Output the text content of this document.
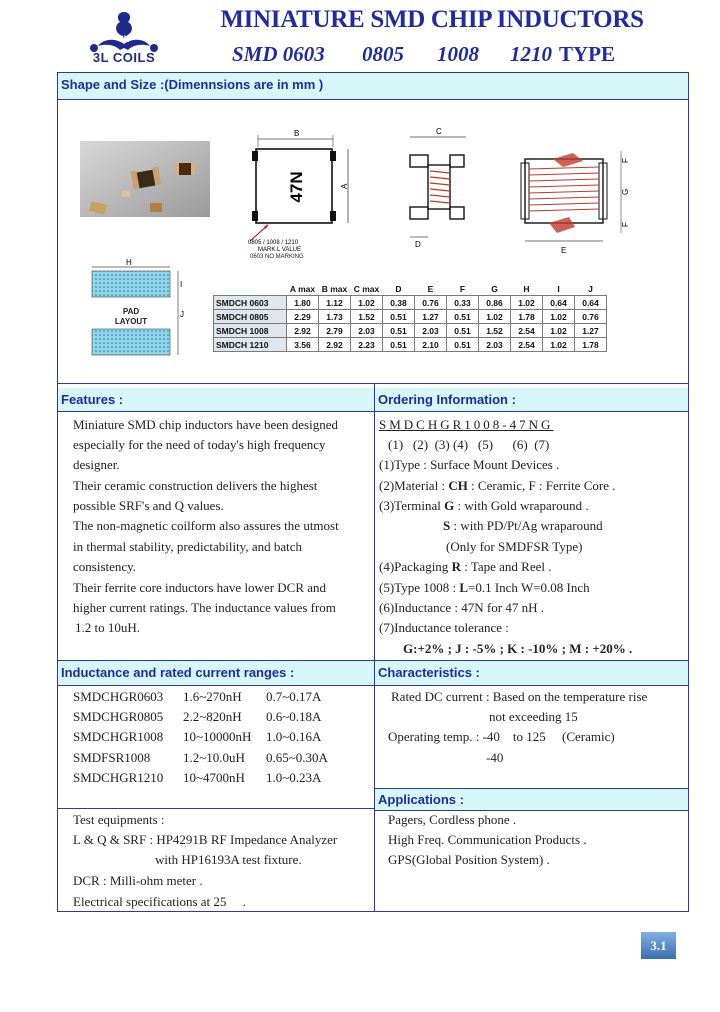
3L
3L COILS
MINIATURE SMD CHIP INDUCTORS
SMD 0603 0805 1008 1210 TYPE
Shape and Size :(Dimennsions are in mm )
B
47N	A
0805 / 1008 / 1210
MARK L VALUE
0603 NO MARKING
C
D
F
G
F
E
H
I
J
PAD
LAYOUT
	A max	B max	C max	D	E	F	G	H	I	J
SMDCH 0603	1.80	1.12	1.02	0.38	0.76	0.33	0.86	1.02	0.64	0.64
SMDCH 0805	2.29	1.73	1.52	0.51	1.27	0.51	1.02	1.78	1.02	0.76
SMDCH 1008	2.92	2.79	2.03	0.51	2.03	0.51	1.52	2.54	1.02	1.27
SMDCH 1210	3.56	2.92	2.23	0.51	2.10	0.51	2.03	2.54	1.02	1.78
Features :
Miniature SMD chip inductors have been designed
especially for the need of today's high frequency
designer.
Their ceramic construction delivers the highest
possible SRF's and Q values.
The non-magnetic coilform also assures the utmost
in thermal stability, predictability, and batch
consistency.
Their ferrite core inductors have lower DCR and
higher current ratings. The inductance values from
1.2 to 10uH.
Ordering Information :
SMDCHGR1008-47NG
(1)   (2)  (3) (4)   (5)      (6)  (7)
(1)Type : Surface Mount Devices .
(2)Material : CH : Ceramic, F : Ferrite Core .
(3)Terminal G : with Gold wraparound .
S : with PD/Pt/Ag wraparound
(Only for SMDFSR Type)
(4)Packaging R : Tape and Reel .
(5)Type 1008 : L=0.1 Inch W=0.08 Inch
(6)Inductance : 47N for 47 nH .
(7)Inductance tolerance :
G:+2% ; J : -5% ; K : -10% ; M : +20% .
Inductance and rated current ranges :
SMDCHGR0603 1.6~270nH 0.7~0.17A
SMDCHGR0805 2.2~820nH 0.6~0.18A
SMDCHGR1008 10~10000nH 1.0~0.16A
SMDFSR1008	1.2~10.0uH 0.65~0.30A
SMDCHGR1210 10~4700nH 1.0~0.23A
Characteristics :
Rated DC current : Based on the temperature rise
not exceeding 15
Operating temp. : -40    to 125     (Ceramic)
-40
Test equipments :
L & Q & SRF : HP4291B RF Impedance Analyzer
with HP16193A test fixture.
DCR : Milli-ohm meter .
Electrical specifications at 25     .
Applications :
Pagers, Cordless phone .
High Freq. Communication Products .
GPS(Global Position System) .
3.1
